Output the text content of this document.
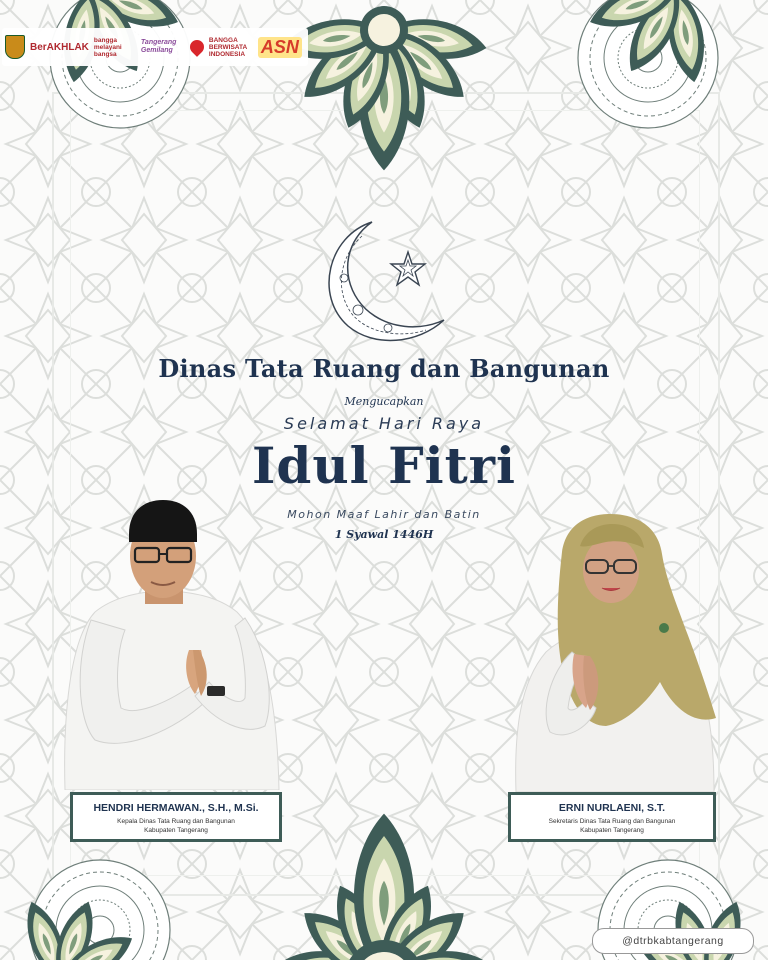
BerAKHLAK
bangga melayani bangsa
Tangerang Gemilang
BANGGA BERWISATA INDONESIA ASN
Dinas Tata Ruang dan Bangunan
Mengucapkan
Selamat Hari Raya
Idul Fitri
Mohon Maaf Lahir dan Batin
1 Syawal 1446H
HENDRI HERMAWAN., S.H., M.Si.
Kepala Dinas Tata Ruang dan Bangunan
Kabupaten Tangerang
ERNI NURLAENI, S.T.
Sekretaris Dinas Tata Ruang dan Bangunan
Kabupaten Tangerang
@dtrbkabtangerang
